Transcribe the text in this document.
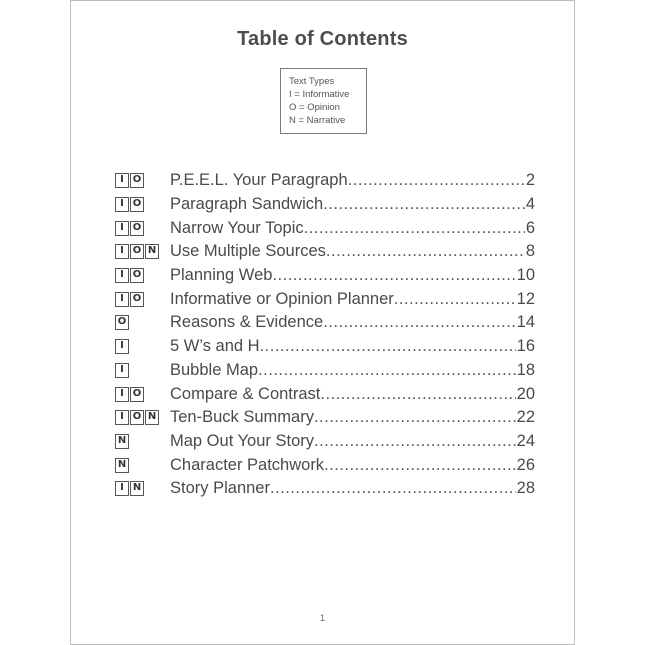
Table of Contents
Text Types
I = Informative
O = Opinion
N = Narrative
I O P.E.E.L. Your Paragraph .....	2
I O Paragraph Sandwich .....	4
I O Narrow Your Topic .....	6
I O N Use Multiple Sources .....	8
I O Planning Web .....	10
I O Informative or Opinion Planner .....	12
O	Reasons & Evidence .....	14
I	5 W’s and H .....	16
I	Bubble Map .....	18
I O Compare & Contrast .....	20
I O N Ten-Buck Summary .....	22
N	Map Out Your Story .....	24
N	Character Patchwork .....	26
I N Story Planner .....	28
1
